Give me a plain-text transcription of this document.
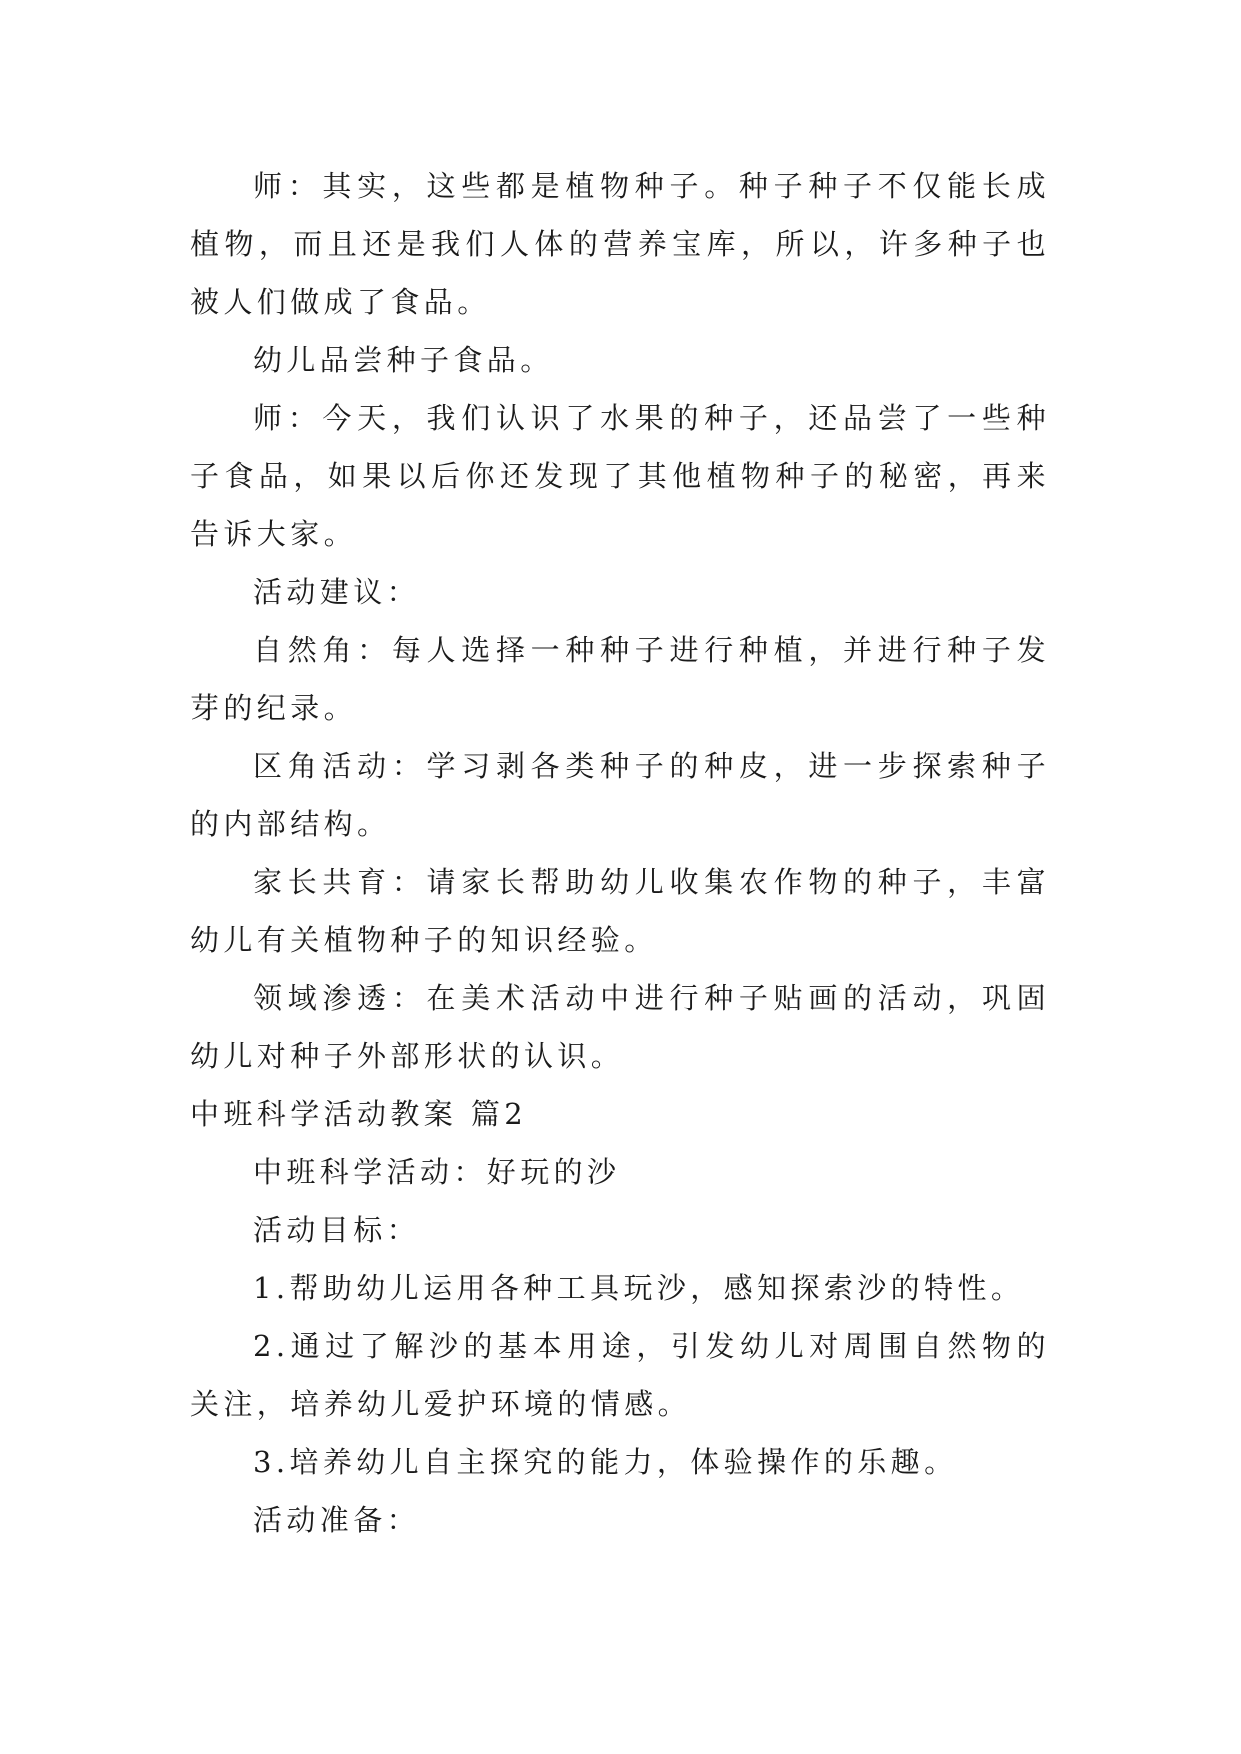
师：其实，这些都是植物种子。种子种子不仅能长成植物，而且还是我们人体的营养宝库，所以，许多种子也被人们做成了食品。

幼儿品尝种子食品。

师：今天，我们认识了水果的种子，还品尝了一些种子食品，如果以后你还发现了其他植物种子的秘密，再来告诉大家。

活动建议：

自然角：每人选择一种种子进行种植，并进行种子发芽的纪录。

区角活动：学习剥各类种子的种皮，进一步探索种子的内部结构。

家长共育：请家长帮助幼儿收集农作物的种子，丰富幼儿有关植物种子的知识经验。

领域渗透：在美术活动中进行种子贴画的活动，巩固幼儿对种子外部形状的认识。

中班科学活动教案 篇2

中班科学活动：好玩的沙

活动目标：

1.帮助幼儿运用各种工具玩沙，感知探索沙的特性。

2.通过了解沙的基本用途，引发幼儿对周围自然物的关注，培养幼儿爱护环境的情感。

3.培养幼儿自主探究的能力，体验操作的乐趣。

活动准备：
